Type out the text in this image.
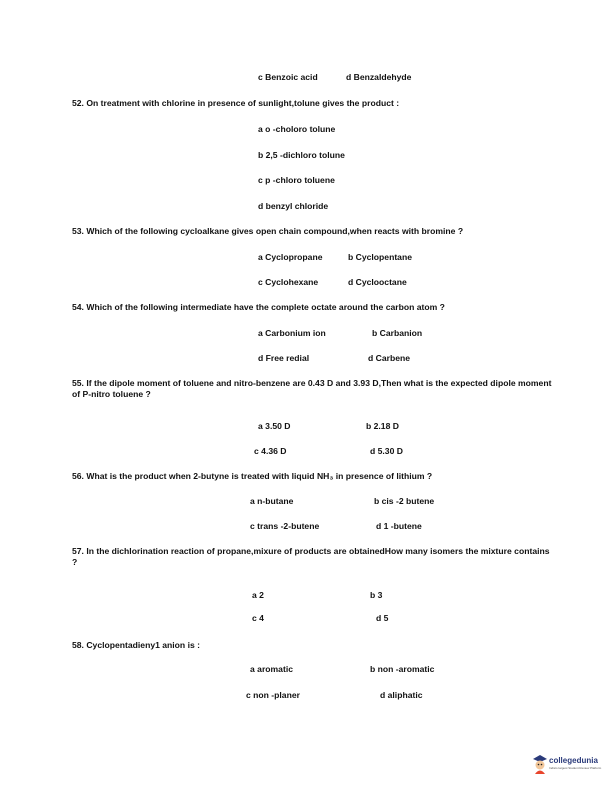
c Benzoic acid	d Benzaldehyde
52. On treatment with chlorine in presence of sunlight,tolune gives the product :
a o -choloro tolune
b 2,5 -dichloro tolune
c p -chloro toluene
d benzyl chloride
53. Which of the following cycloalkane gives open chain compound,when reacts with bromine ?
a Cyclopropane	b Cyclopentane
c Cyclohexane	d Cyclooctane
54. Which of the following intermediate have the complete octate around the carbon atom ?
a Carbonium ion	b Carbanion
d Free redial	d Carbene
55. If the dipole moment of toluene and nitro-benzene are 0.43 D and 3.93 D,Then what is the expected dipole moment of P-nitro toluene ?
a 3.50 D	b 2.18 D
c 4.36 D	d 5.30 D
56. What is the product when 2-butyne is treated with liquid NH₃ in presence of lithium ?
a n-butane	b cis -2 butene
c trans -2-butene	d 1 -butene
57. In the dichlorination reaction of propane,mixure of products are obtainedHow many isomers the mixture contains ?
a 2	b 3
c 4	d 5
58. Cyclopentadieny1 anion is :
a aromatic	b non -aromatic
c non -planer	d aliphatic
collegedunia
India's largest Student Review Platform
